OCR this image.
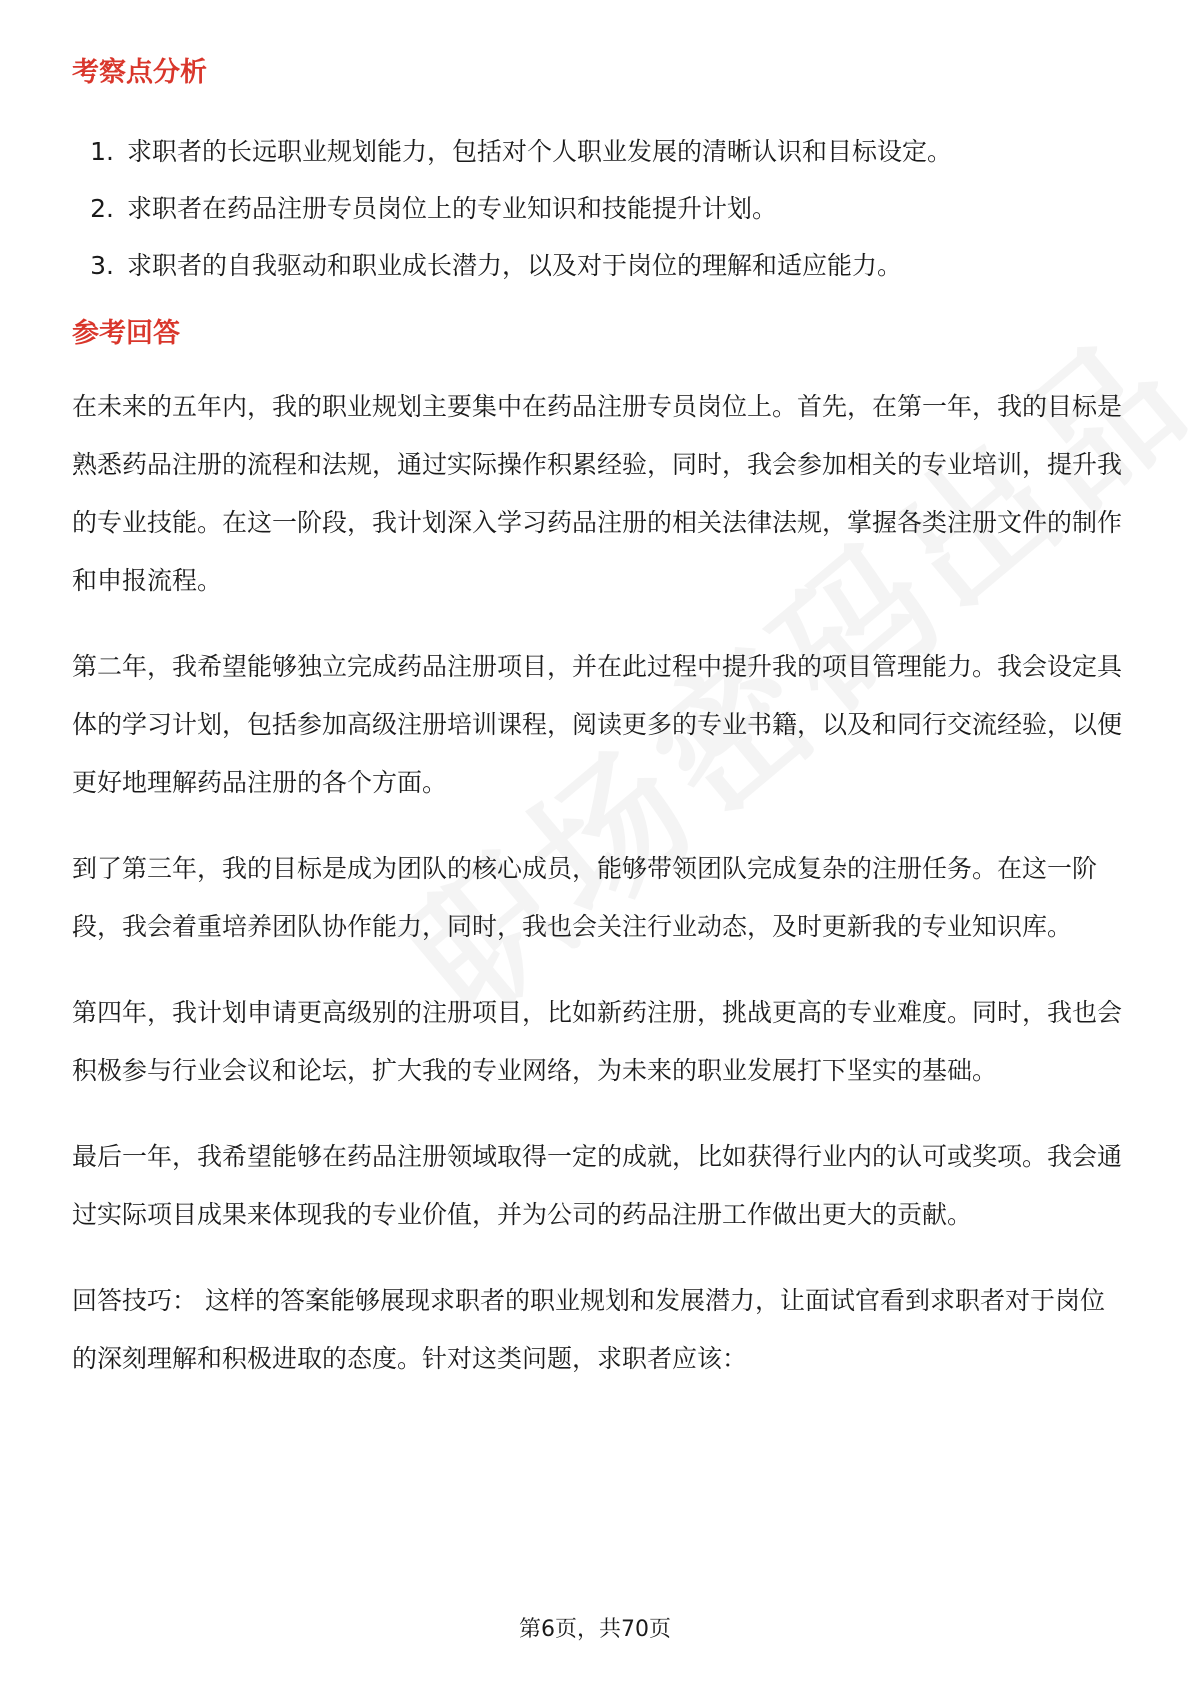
考察点分析
1. 求职者的长远职业规划能力，包括对个人职业发展的清晰认识和目标设定。
2. 求职者在药品注册专员岗位上的专业知识和技能提升计划。
3. 求职者的自我驱动和职业成长潜力，以及对于岗位的理解和适应能力。
参考回答

在未来的五年内，我的职业规划主要集中在药品注册专员岗位上。首先，在第一年，我的目标是熟悉药品注册的流程和法规，通过实际操作积累经验，同时，我会参加相关的专业培训，提升我的专业技能。在这一阶段，我计划深入学习药品注册的相关法律法规，掌握各类注册文件的制作和申报流程。

第二年，我希望能够独立完成药品注册项目，并在此过程中提升我的项目管理能力。我会设定具体的学习计划，包括参加高级注册培训课程，阅读更多的专业书籍，以及和同行交流经验，以便更好地理解药品注册的各个方面。

到了第三年，我的目标是成为团队的核心成员，能够带领团队完成复杂的注册任务。在这一阶段，我会着重培养团队协作能力，同时，我也会关注行业动态，及时更新我的专业知识库。

第四年，我计划申请更高级别的注册项目，比如新药注册，挑战更高的专业难度。同时，我也会积极参与行业会议和论坛，扩大我的专业网络，为未来的职业发展打下坚实的基础。

最后一年，我希望能够在药品注册领域取得一定的成就，比如获得行业内的认可或奖项。我会通过实际项目成果来体现我的专业价值，并为公司的药品注册工作做出更大的贡献。

回答技巧： 这样的答案能够展现求职者的职业规划和发展潜力，让面试官看到求职者对于岗位的深刻理解和积极进取的态度。针对这类问题，求职者应该：

第6页，共70页
